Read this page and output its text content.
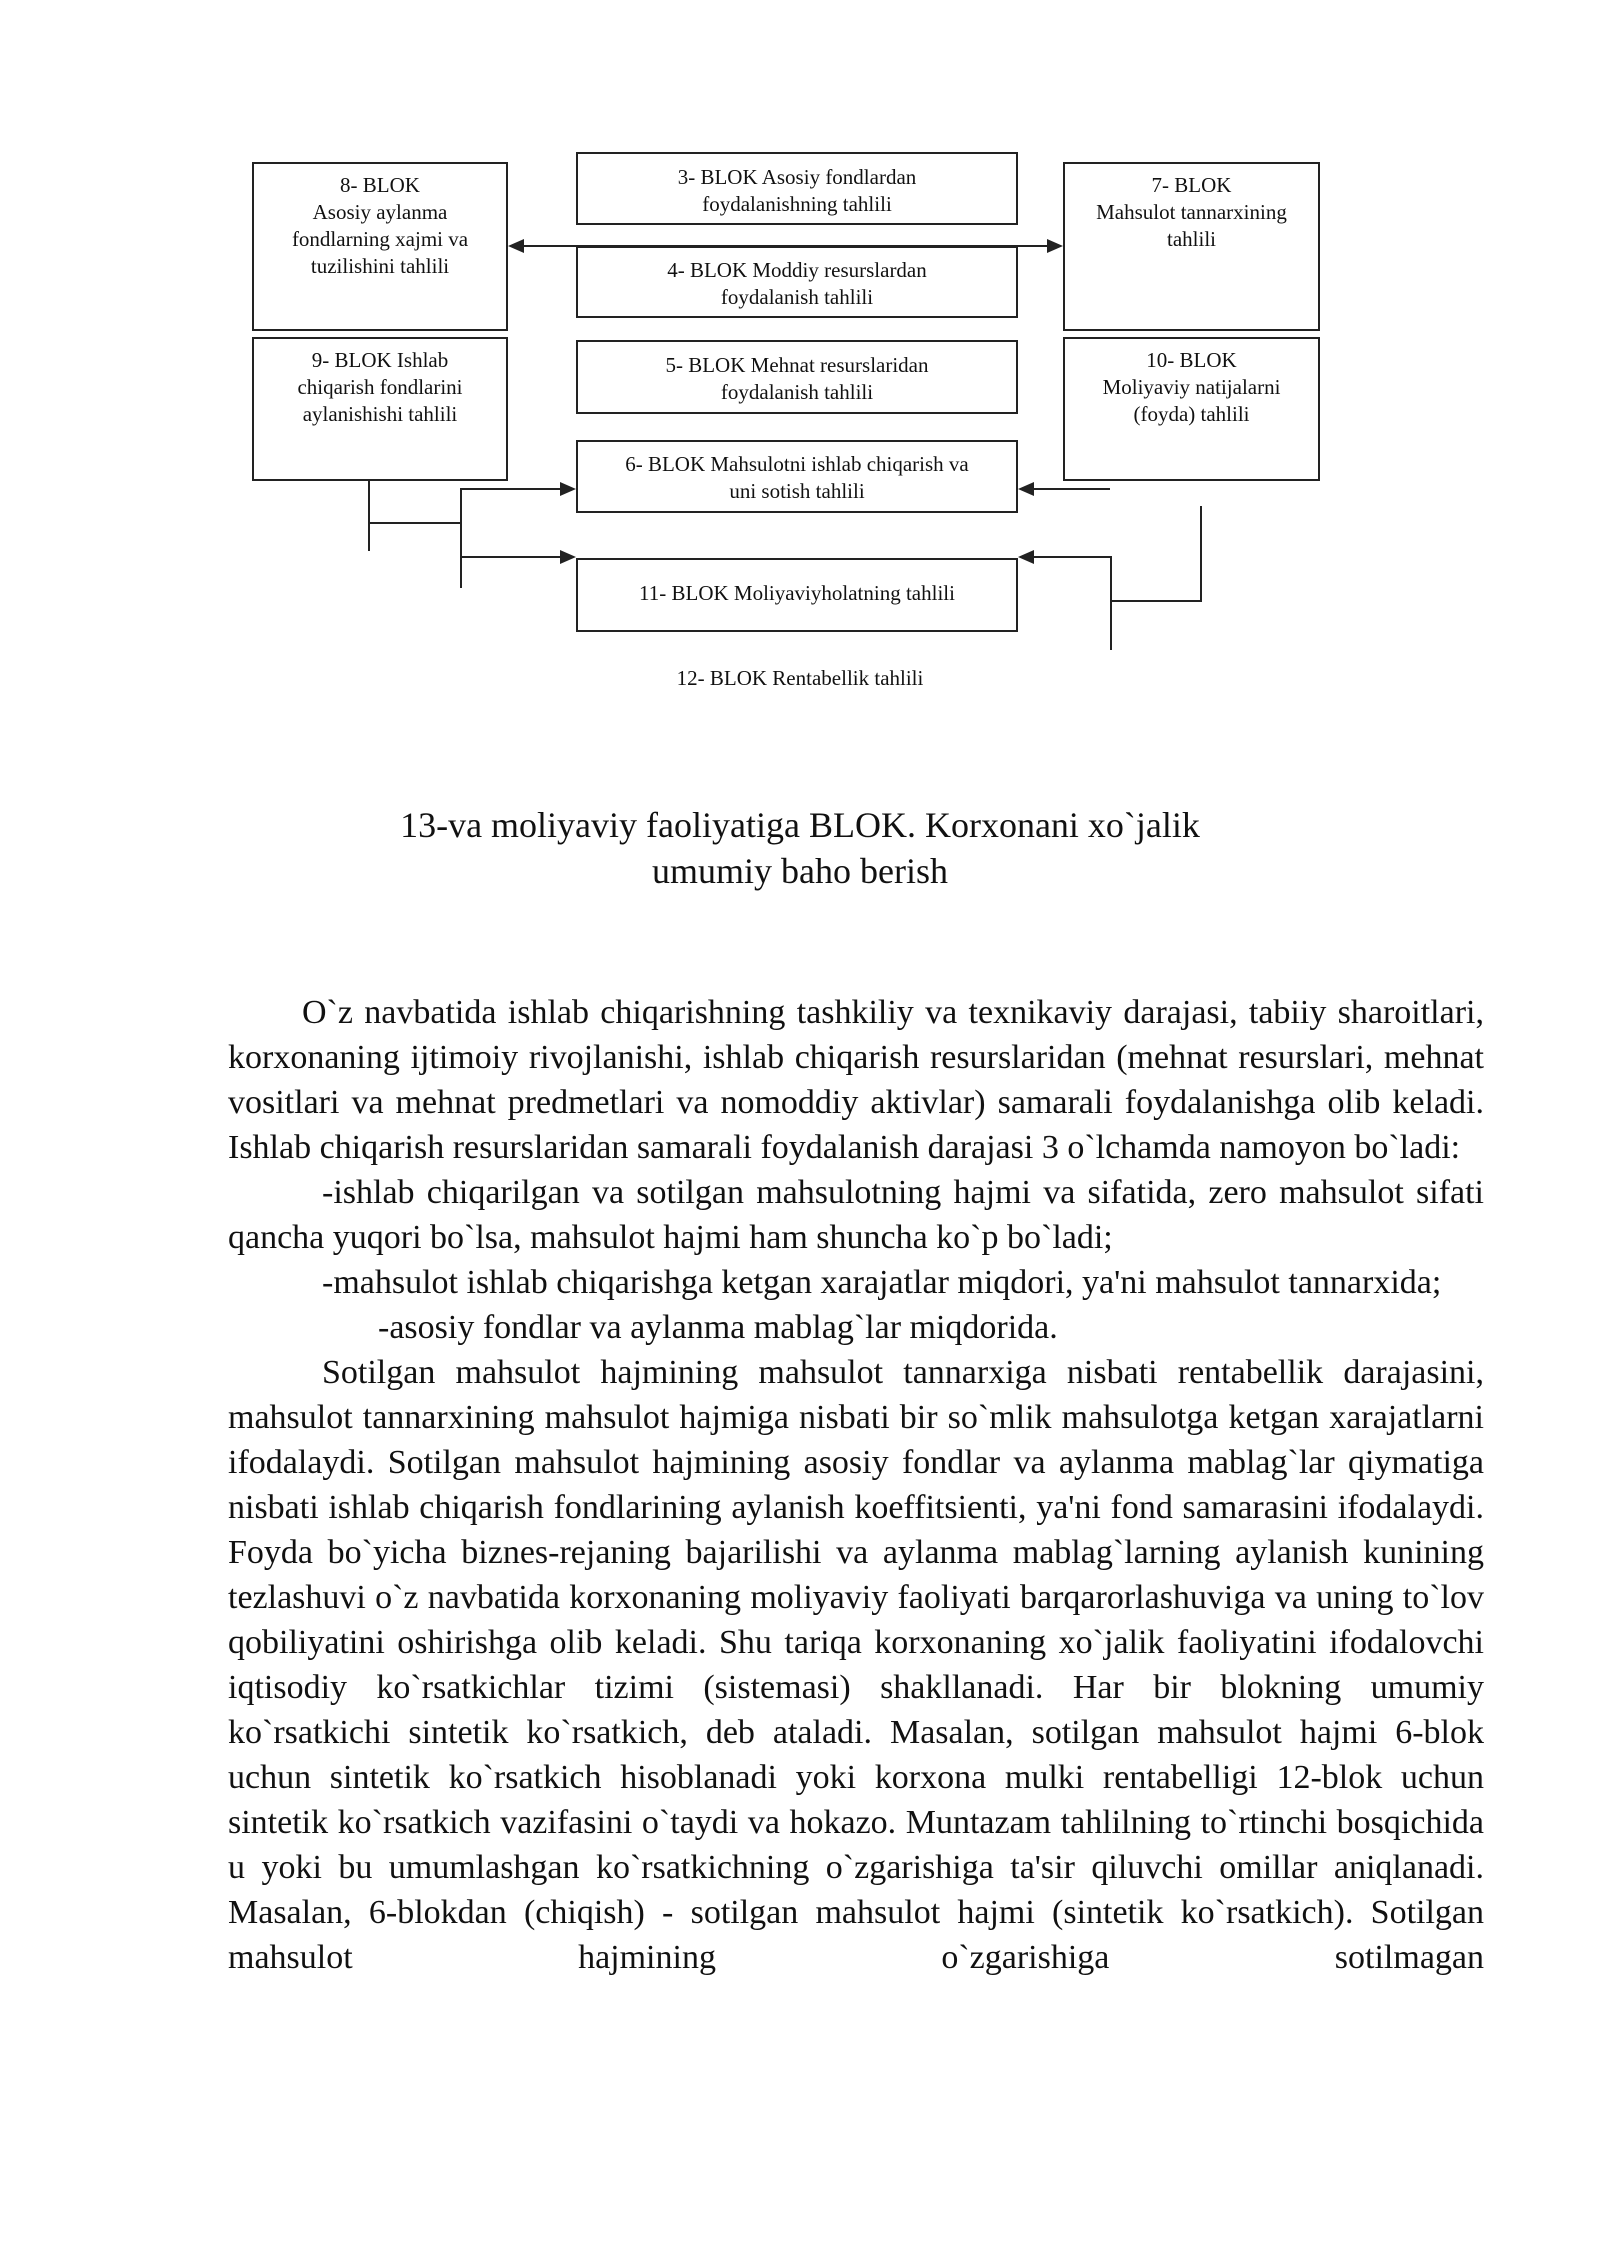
8- BLOK
Asosiy aylanma
fondlarning xajmi va
tuzilishini tahlili
3- BLOK Asosiy fondlardan
foydalanishning tahlili
4- BLOK Moddiy resurslardan
foydalanish tahlili
7- BLOK
Mahsulot tannarxining
tahlili
9- BLOK Ishlab
chiqarish fondlarini
aylanishishi tahlili
5- BLOK Mehnat resurslaridan
foydalanish tahlili
10- BLOK
Moliyaviy natijalarni
(foyda) tahlili
6- BLOK Mahsulotni ishlab chiqarish va
uni sotish tahlili
11- BLOK Moliyaviyholatning tahlili
12- BLOK Rentabellik tahlili
13-va moliyaviy faoliyatiga BLOK. Korxonani xo`jalik
umumiy baho berish

O`z navbatida ishlab chiqarishning tashkiliy va texnikaviy darajasi, tabiiy sharoitlari, korxonaning ijtimoiy rivojlanishi, ishlab chiqarish resurslaridan (mehnat resurslari, mehnat vositlari va mehnat predmetlari va nomoddiy aktivlar) samarali foydalanishga olib keladi. Ishlab chiqarish resurslaridan samarali foydalanish darajasi 3 o`lchamda namoyon bo`ladi:

-ishlab chiqarilgan va sotilgan mahsulotning hajmi va sifatida, zero mahsulot sifati qancha yuqori bo`lsa, mahsulot hajmi ham shuncha ko`p bo`ladi;

-mahsulot ishlab chiqarishga ketgan xarajatlar miqdori, ya'ni mahsulot tannarxida;

-asosiy fondlar va aylanma mablag`lar miqdorida.

Sotilgan mahsulot hajmining mahsulot tannarxiga nisbati rentabellik darajasini, mahsulot tannarxining mahsulot hajmiga nisbati bir so`mlik mahsulotga ketgan xarajatlarni ifodalaydi. Sotilgan mahsulot hajmining asosiy fondlar va aylanma mablag`lar qiymatiga nisbati ishlab chiqarish fondlarining aylanish koeffitsienti, ya'ni fond samarasini ifodalaydi. Foyda bo`yicha biznes-rejaning bajarilishi va aylanma mablag`larning aylanish kunining tezlashuvi o`z navbatida korxonaning moliyaviy faoliyati barqarorlashuviga va uning to`lov qobiliyatini oshirishga olib keladi. Shu tariqa korxonaning xo`jalik faoliyatini ifodalovchi iqtisodiy ko`rsatkichlar tizimi (sistemasi) shakllanadi. Har bir blokning umumiy ko`rsatkichi sintetik ko`rsatkich, deb ataladi. Masalan, sotilgan mahsulot hajmi 6-blok uchun sintetik ko`rsatkich hisoblanadi yoki korxona mulki rentabelligi 12-blok uchun sintetik ko`rsatkich vazifasini o`taydi va hokazo. Muntazam tahlilning to`rtinchi bosqichida u yoki bu umumlashgan ko`rsatkichning o`zgarishiga ta'sir qiluvchi omillar aniqlanadi. Masalan, 6-blokdan (chiqish) - sotilgan mahsulot hajmi (sintetik ko`rsatkich). Sotilgan mahsulot hajmining o`zgarishiga sotilmagan
